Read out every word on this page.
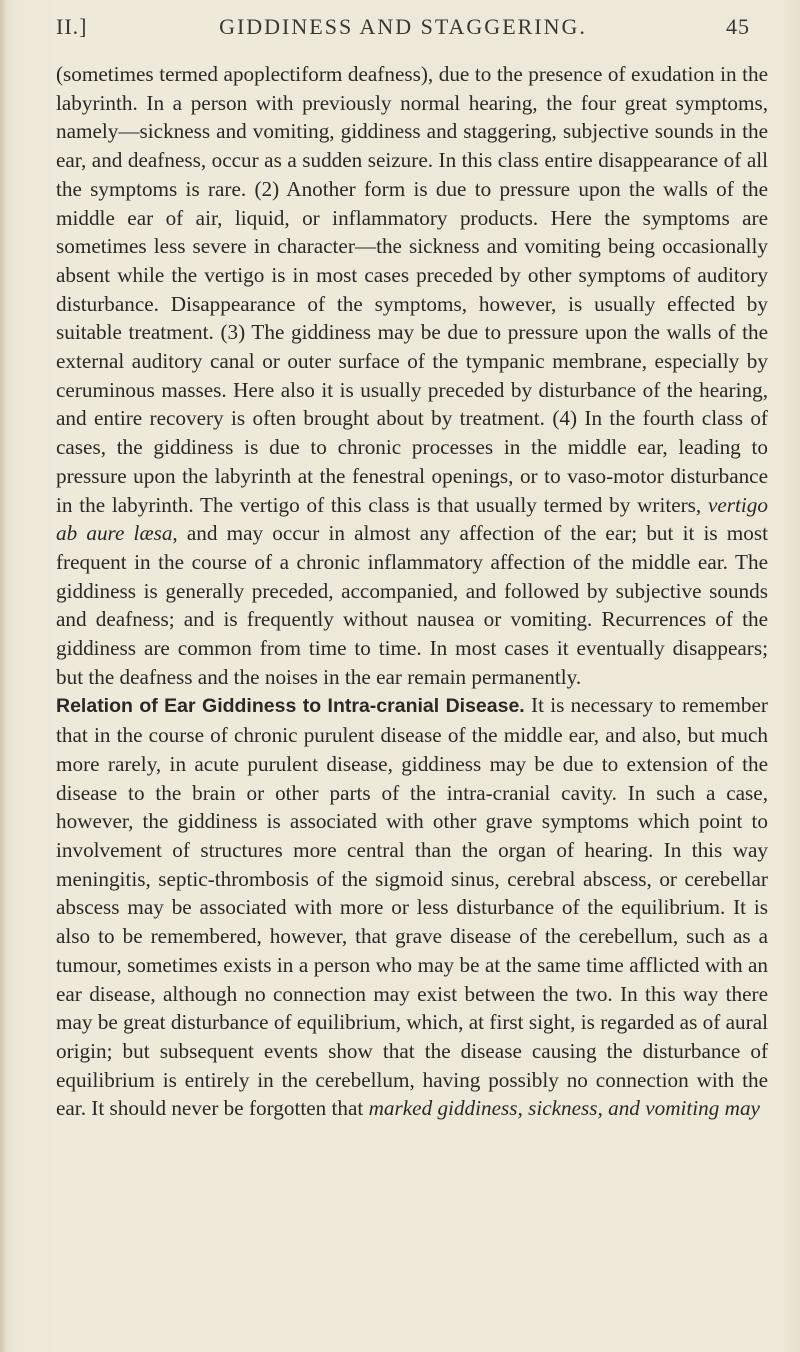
II.]	GIDDINESS AND STAGGERING.	45

(sometimes termed apoplectiform deafness), due to the presence of exudation in the labyrinth. In a person with previously normal hearing, the four great symptoms, namely—sickness and vomiting, giddiness and staggering, subjective sounds in the ear, and deafness, occur as a sudden seizure. In this class entire disappearance of all the symptoms is rare. (2) Another form is due to pressure upon the walls of the middle ear of air, liquid, or inflammatory products. Here the symptoms are sometimes less severe in character—the sickness and vomiting being occasionally absent while the vertigo is in most cases preceded by other symptoms of auditory disturbance. Disappearance of the symptoms, however, is usually effected by suitable treatment. (3) The giddiness may be due to pressure upon the walls of the external auditory canal or outer surface of the tympanic membrane, especially by ceruminous masses. Here also it is usually preceded by disturbance of the hearing, and entire recovery is often brought about by treatment. (4) In the fourth class of cases, the giddiness is due to chronic processes in the middle ear, leading to pressure upon the labyrinth at the fenestral openings, or to vaso-motor disturbance in the labyrinth. The vertigo of this class is that usually termed by writers, vertigo ab aure læsa, and may occur in almost any affection of the ear; but it is most frequent in the course of a chronic inflammatory affection of the middle ear. The giddiness is generally preceded, accompanied, and followed by subjective sounds and deafness; and is frequently without nausea or vomiting. Recurrences of the giddiness are common from time to time. In most cases it eventually disappears; but the deafness and the noises in the ear remain permanently.

Relation of Ear Giddiness to Intra-cranial Disease. It is necessary to remember that in the course of chronic purulent disease of the middle ear, and also, but much more rarely, in acute purulent disease, giddiness may be due to extension of the disease to the brain or other parts of the intra-cranial cavity. In such a case, however, the giddiness is associated with other grave symptoms which point to involvement of structures more central than the organ of hearing. In this way meningitis, septic-thrombosis of the sigmoid sinus, cerebral abscess, or cerebellar abscess may be associated with more or less disturbance of the equilibrium. It is also to be remembered, however, that grave disease of the cerebellum, such as a tumour, sometimes exists in a person who may be at the same time afflicted with an ear disease, although no connection may exist between the two. In this way there may be great disturbance of equilibrium, which, at first sight, is regarded as of aural origin; but subsequent events show that the disease causing the disturbance of equilibrium is entirely in the cerebellum, having possibly no connection with the ear. It should never be forgotten that marked giddiness, sickness, and vomiting may
